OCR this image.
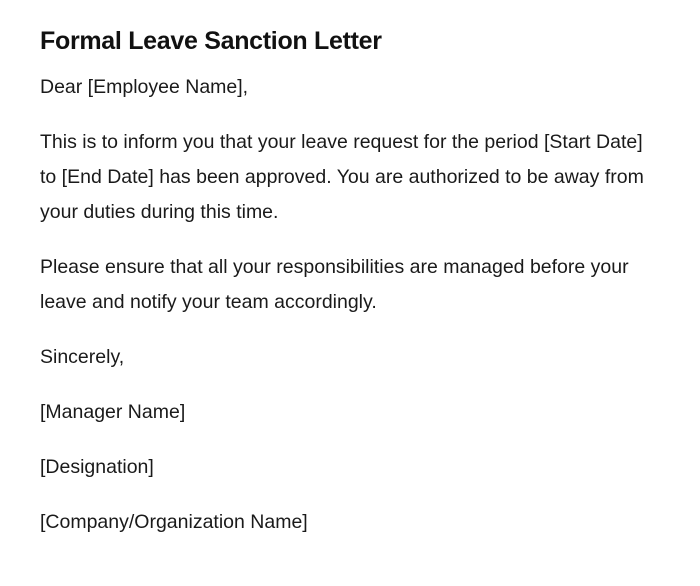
Formal Leave Sanction Letter

Dear [Employee Name],

This is to inform you that your leave request for the period [Start Date] to [End Date] has been approved. You are authorized to be away from your duties during this time.

Please ensure that all your responsibilities are managed before your leave and notify your team accordingly.

Sincerely,

[Manager Name]

[Designation]

[Company/Organization Name]
